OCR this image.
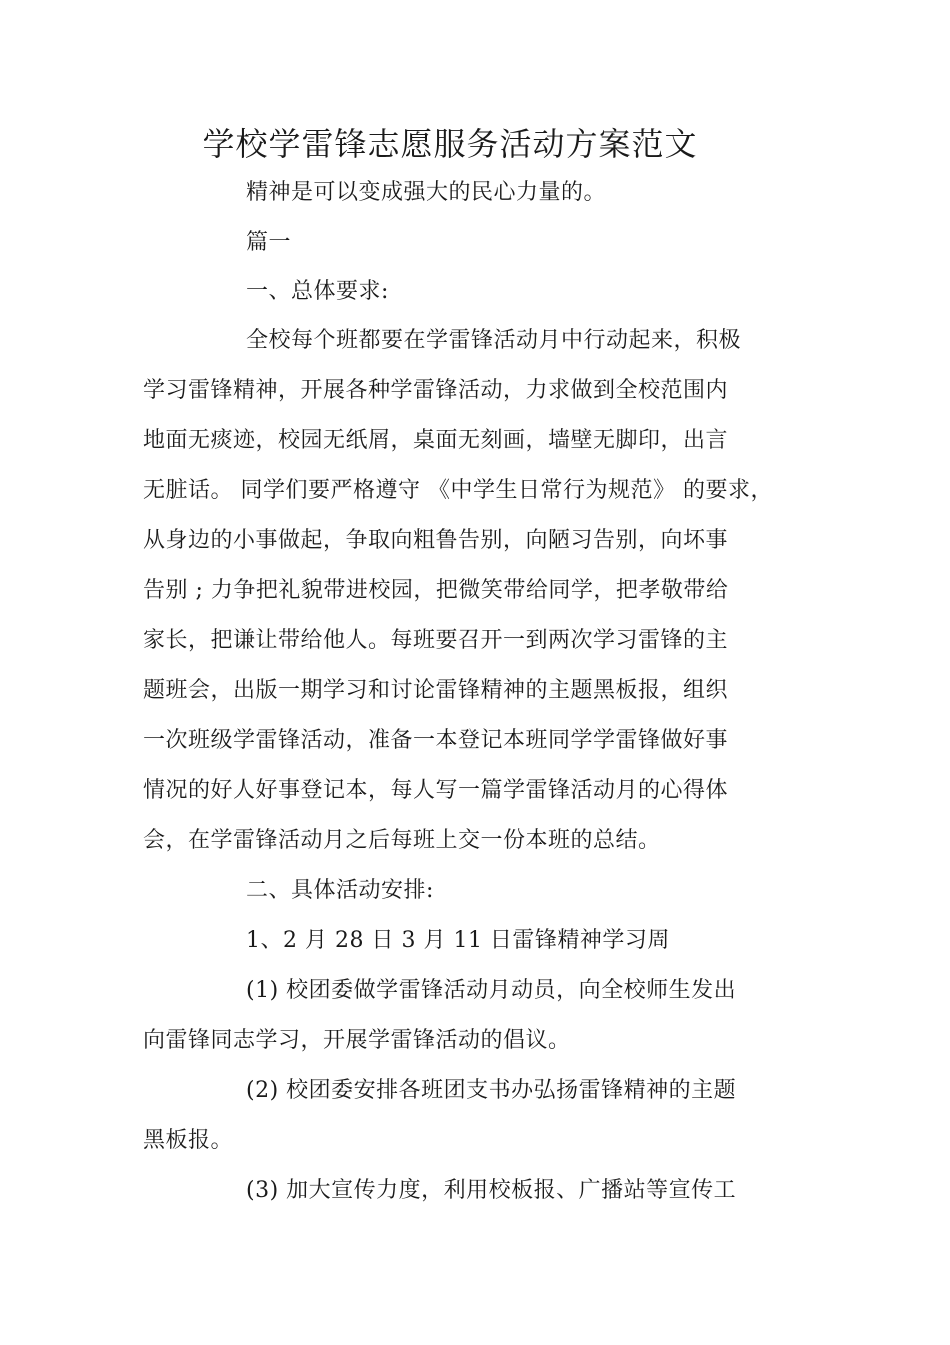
学校学雷锋志愿服务活动方案范文
精神是可以变成强大的民心力量的。
篇一
一、总体要求:
全校每个班都要在学雷锋活动月中行动起来，积极
学习雷锋精神，开展各种学雷锋活动，力求做到全校范围内
地面无痰迹，校园无纸屑，桌面无刻画，墙壁无脚印，出言
无脏话。 同学们要严格遵守 《中学生日常行为规范》 的要求，
从身边的小事做起，争取向粗鲁告别，向陋习告别，向坏事
告别 ; 力争把礼貌带进校园，把微笑带给同学，把孝敬带给
家长，把谦让带给他人。每班要召开一到两次学习雷锋的主
题班会，出版一期学习和讨论雷锋精神的主题黑板报，组织
一次班级学雷锋活动，准备一本登记本班同学学雷锋做好事
情况的好人好事登记本，每人写一篇学雷锋活动月的心得体
会，在学雷锋活动月之后每班上交一份本班的总结。
二、具体活动安排:
1、2 月 28 日 3 月 11 日雷锋精神学习周
(1) 校团委做学雷锋活动月动员，向全校师生发出
向雷锋同志学习，开展学雷锋活动的倡议。
(2) 校团委安排各班团支书办弘扬雷锋精神的主题
黑板报。
(3) 加大宣传力度，利用校板报、广播站等宣传工
